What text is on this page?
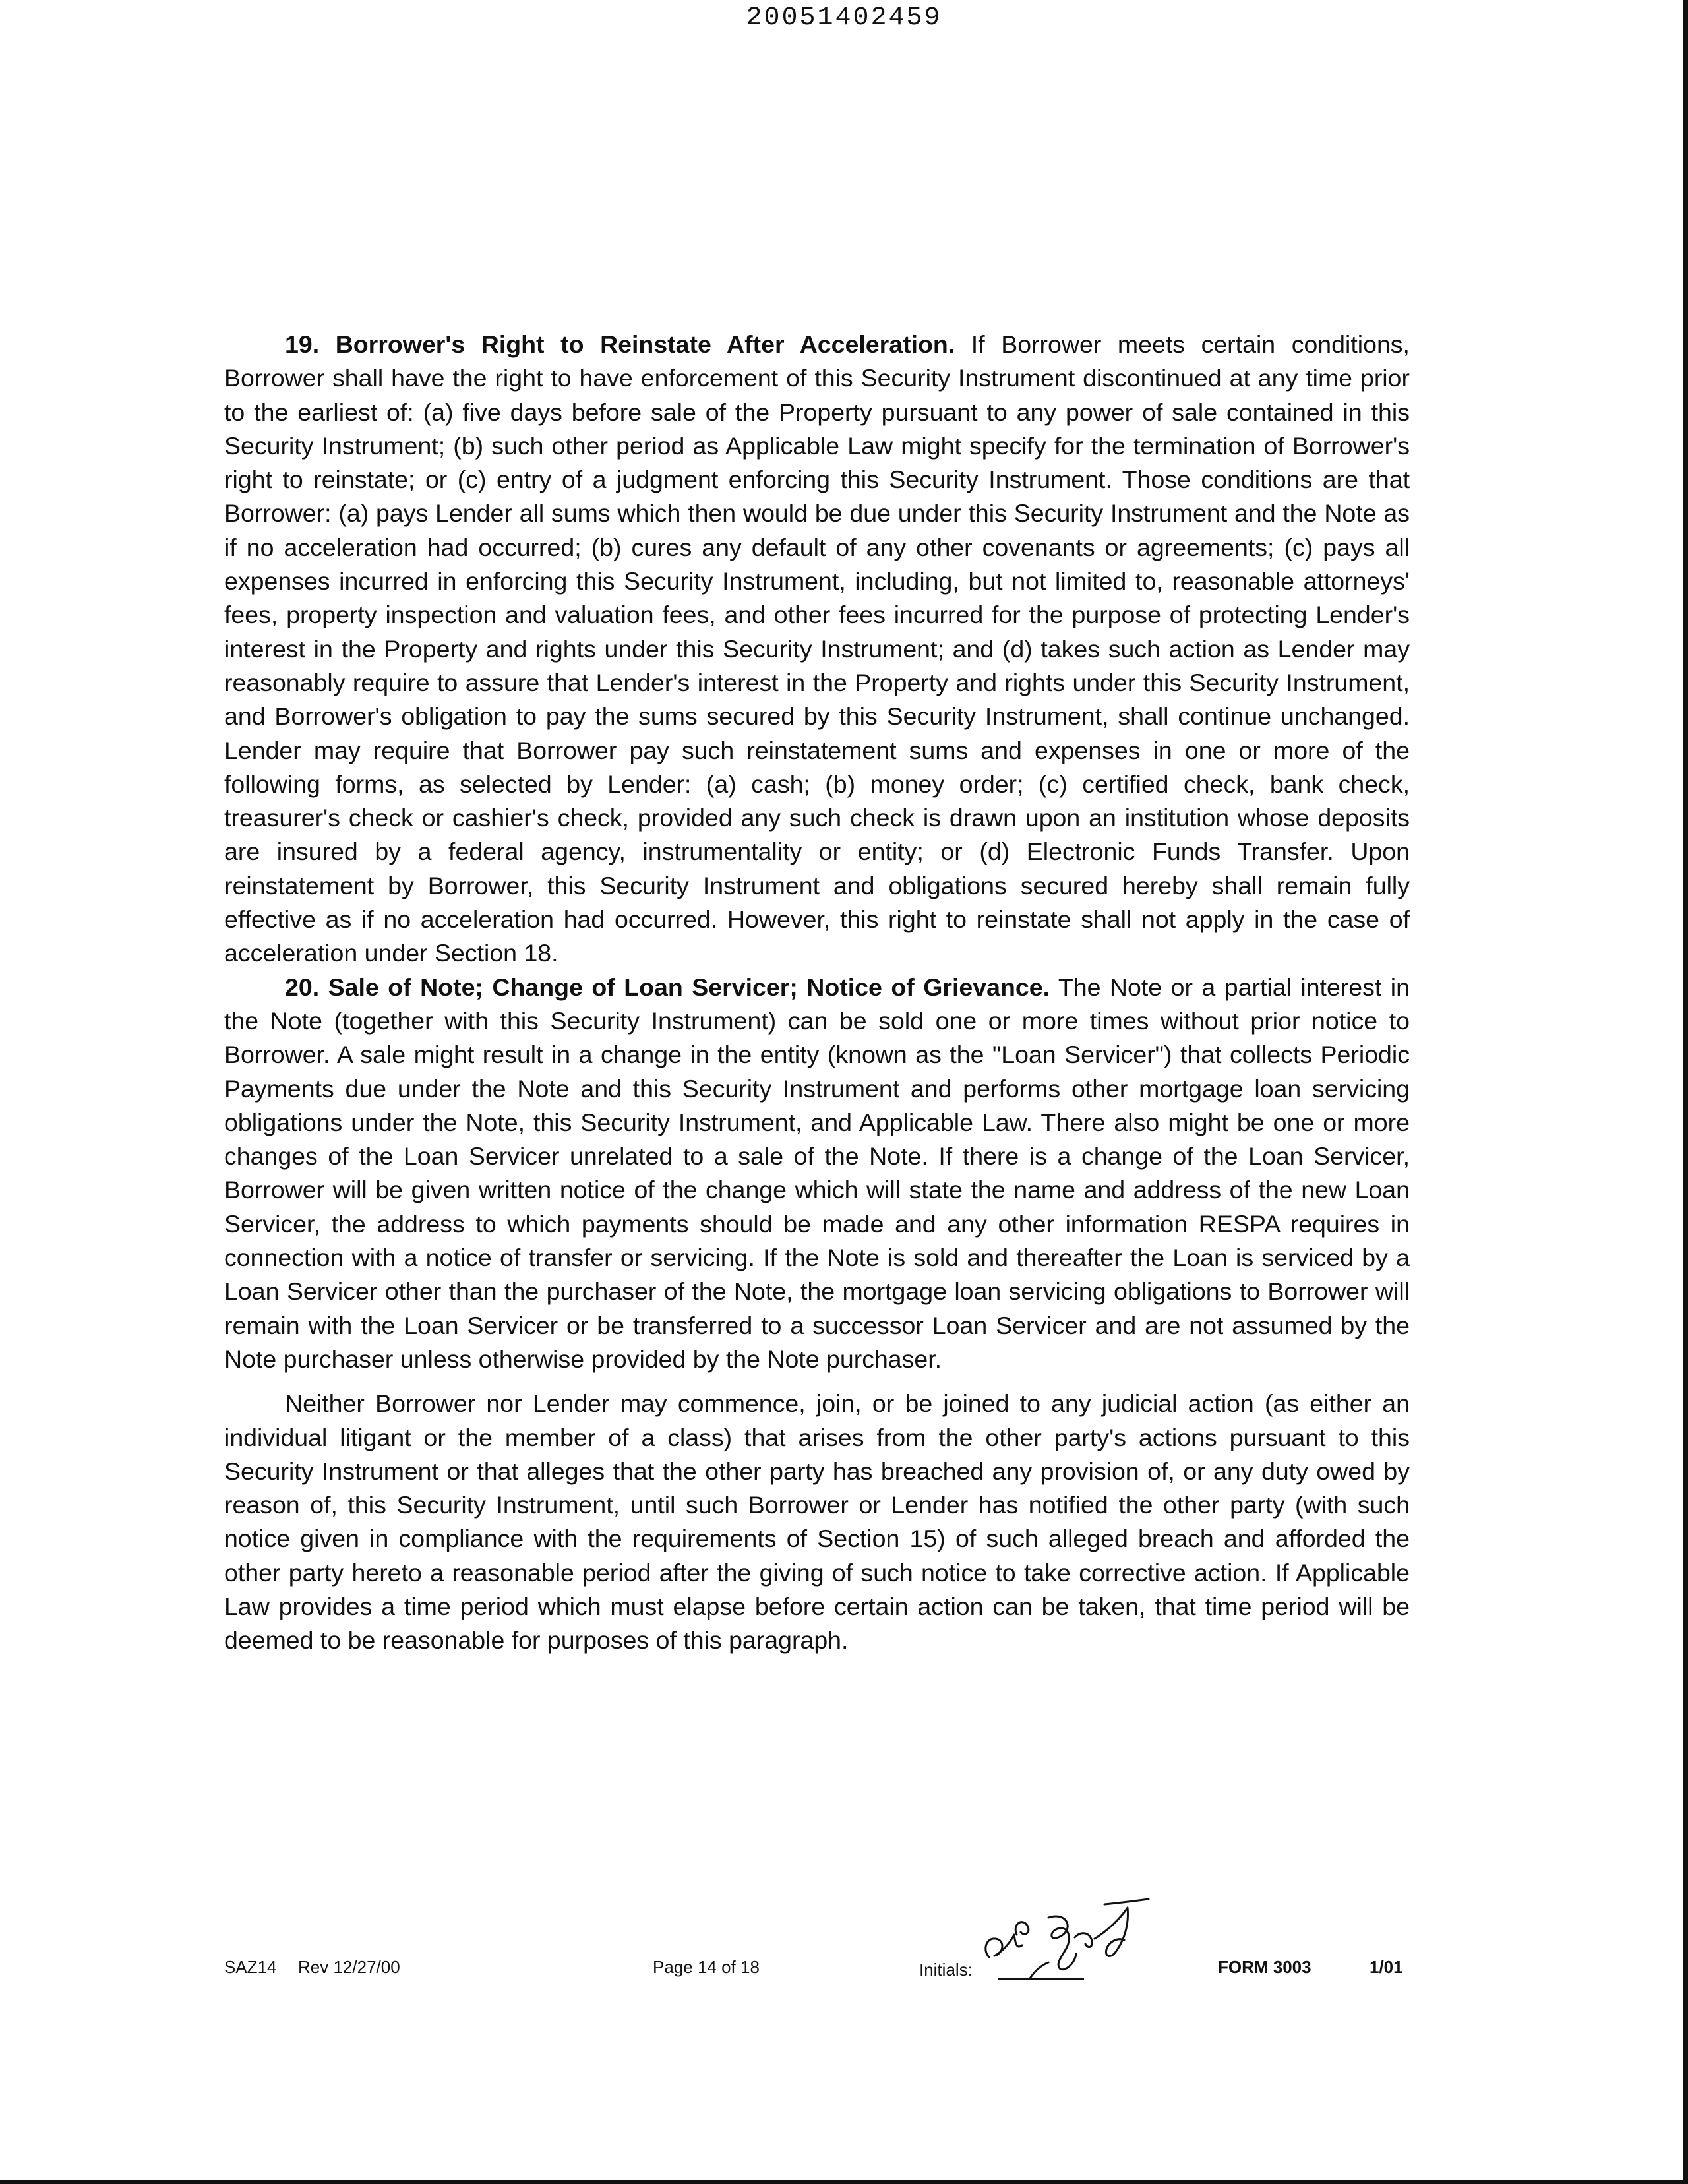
20051402459

19. Borrower's Right to Reinstate After Acceleration. If Borrower meets certain conditions, Borrower shall have the right to have enforcement of this Security Instrument discontinued at any time prior to the earliest of: (a) five days before sale of the Property pursuant to any power of sale contained in this Security Instrument; (b) such other period as Applicable Law might specify for the termination of Borrower's right to reinstate; or (c) entry of a judgment enforcing this Security Instrument. Those conditions are that Borrower: (a) pays Lender all sums which then would be due under this Security Instrument and the Note as if no acceleration had occurred; (b) cures any default of any other covenants or agreements; (c) pays all expenses incurred in enforcing this Security Instrument, including, but not limited to, reasonable attorneys' fees, property inspection and valuation fees, and other fees incurred for the purpose of protecting Lender's interest in the Property and rights under this Security Instrument; and (d) takes such action as Lender may reasonably require to assure that Lender's interest in the Property and rights under this Security Instrument, and Borrower's obligation to pay the sums secured by this Security Instrument, shall continue unchanged. Lender may require that Borrower pay such reinstatement sums and expenses in one or more of the following forms, as selected by Lender: (a) cash; (b) money order; (c) certified check, bank check, treasurer's check or cashier's check, provided any such check is drawn upon an institution whose deposits are insured by a federal agency, instrumentality or entity; or (d) Electronic Funds Transfer. Upon reinstatement by Borrower, this Security Instrument and obligations secured hereby shall remain fully effective as if no acceleration had occurred. However, this right to reinstate shall not apply in the case of acceleration under Section 18.

20. Sale of Note; Change of Loan Servicer; Notice of Grievance. The Note or a partial interest in the Note (together with this Security Instrument) can be sold one or more times without prior notice to Borrower. A sale might result in a change in the entity (known as the "Loan Servicer") that collects Periodic Payments due under the Note and this Security Instrument and performs other mortgage loan servicing obligations under the Note, this Security Instrument, and Applicable Law. There also might be one or more changes of the Loan Servicer unrelated to a sale of the Note. If there is a change of the Loan Servicer, Borrower will be given written notice of the change which will state the name and address of the new Loan Servicer, the address to which payments should be made and any other information RESPA requires in connection with a notice of transfer or servicing. If the Note is sold and thereafter the Loan is serviced by a Loan Servicer other than the purchaser of the Note, the mortgage loan servicing obligations to Borrower will remain with the Loan Servicer or be transferred to a successor Loan Servicer and are not assumed by the Note purchaser unless otherwise provided by the Note purchaser.

Neither Borrower nor Lender may commence, join, or be joined to any judicial action (as either an individual litigant or the member of a class) that arises from the other party's actions pursuant to this Security Instrument or that alleges that the other party has breached any provision of, or any duty owed by reason of, this Security Instrument, until such Borrower or Lender has notified the other party (with such notice given in compliance with the requirements of Section 15) of such alleged breach and afforded the other party hereto a reasonable period after the giving of such notice to take corrective action. If Applicable Law provides a time period which must elapse before certain action can be taken, that time period will be deemed to be reasonable for purposes of this paragraph.

SAZ14 Rev 12/27/00	Page 14 of 18	Initials:	FORM 3003	1/01
